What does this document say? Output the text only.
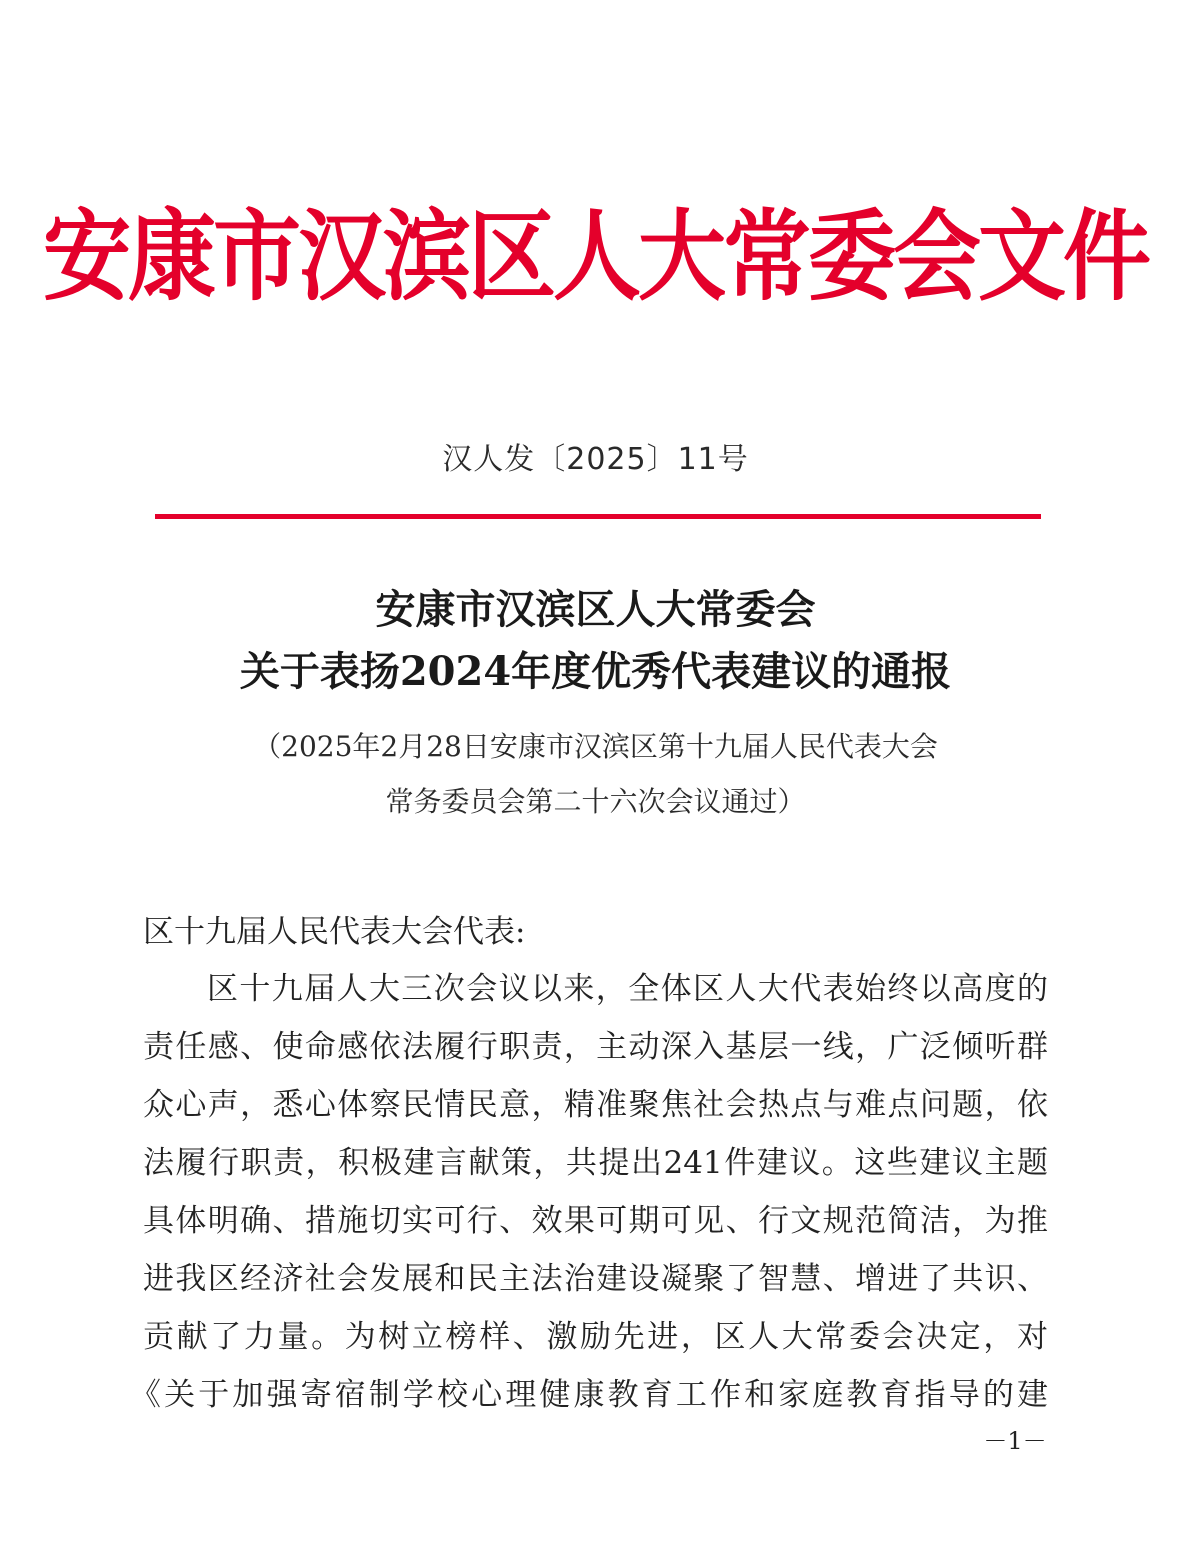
安康市汉滨区人大常委会文件
汉人发〔2025〕11号
安康市汉滨区人大常委会
关于表扬2024年度优秀代表建议的通报
（2025年2月28日安康市汉滨区第十九届人民代表大会
常务委员会第二十六次会议通过）
区十九届人民代表大会代表:
区十九届人大三次会议以来，全体区人大代表始终以高度的
责任感、使命感依法履行职责，主动深入基层一线，广泛倾听群
众心声，悉心体察民情民意，精准聚焦社会热点与难点问题，依
法履行职责，积极建言献策，共提出241件建议。这些建议主题
具体明确、措施切实可行、效果可期可见、行文规范简洁，为推
进我区经济社会发展和民主法治建设凝聚了智慧、增进了共识、
贡献了力量。为树立榜样、激励先进，区人大常委会决定，对
《关于加强寄宿制学校心理健康教育工作和家庭教育指导的建
－1－
